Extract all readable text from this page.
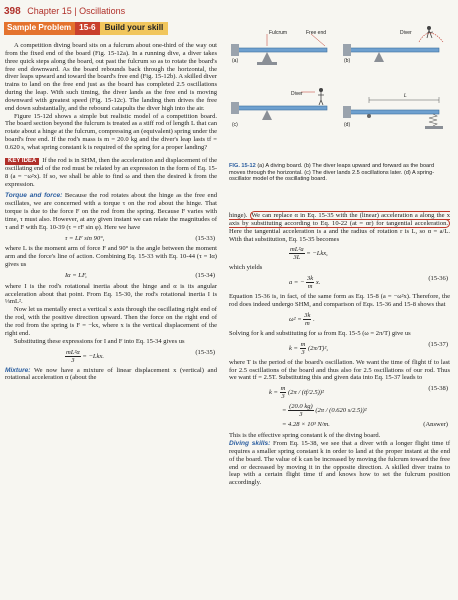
398 Chapter 15 | Oscillations
Sample Problem 15-6	Build your skill

A competition diving board sits on a fulcrum about one-third of the way out from the fixed end of the board (Fig. 15-12a). In a running dive, a diver takes three quick steps along the board, out past the fulcrum so as to rotate the board's free end downward. As the board rebounds back through the horizontal, the diver leaps upward and toward the board's free end (Fig. 15-12b). A skilled diver trains to land on the free end just as the board has completed 2.5 oscillations during the leap. With such timing, the diver lands as the free end is moving downward with greatest speed (Fig. 15-12c). The landing then drives the free end down substantially, and the rebound catapults the diver high into the air.

Figure 15-12d shows a simple but realistic model of a competition board. The board section beyond the fulcrum is treated as a stiff rod of length L that can rotate about a hinge at the fulcrum, compressing an (equivalent) spring under the board's free end. If the rod's mass is m = 20.0 kg and the diver's leap lasts tf = 0.620 s, what spring constant k is required of the spring for a proper landing?

KEY IDEA If the rod is in SHM, then the acceleration and displacement of the oscillating end of the rod must be related by an expression in the form of Eq. 15-8 (a = −ω²x). If so, we shall be able to find ω and then the desired k from the expression.

Torque and force: Because the rod rotates about the hinge as the free end oscillates, we are concerned with a torque τ on the rod about the hinge. That torque is due to the force F on the rod from the spring. Because F varies with time, τ must also. However, at any given instant we can relate the magnitudes of τ and F with Eq. 10-39 (τ = rF sin φ). Here we have

τ = LF sin 90°,	(15-33)

where L is the moment arm of force F and 90° is the angle between the moment arm and the force's line of action. Combining Eq. 15-33 with Eq. 10-44 (τ = Iα) gives us

Iα = LF,	(15-34)

where I is the rod's rotational inertia about the hinge and α is its angular acceleration about that point. From Eq. 15-30, the rod's rotational inertia I is ⅓mL².

Now let us mentally erect a vertical x axis through the oscillating right end of the rod, with the positive direction upward. Then the force on the right end of the rod from the spring is F = −kx, where x is the vertical displacement of the right end.

Substituting these expressions for I and F into Eq. 15-34 gives us

$\frac{\text{mL²α}}{3} = -Lkx$.
(15-35)

Mixture: We now have a mixture of linear displacement x (vertical) and rotational acceleration α (about the

Fulcrum	Free end	Diver
Diver
(a)	(b)
(c)	(d)
L
FIG. 15-12 (a) A diving board. (b) The diver leaps upward and forward as the board moves through the horizontal. (c) The diver lands 2.5 oscillations later. (d) A spring-oscillator model of the oscillating board.

hinge). We can replace α in Eq. 15-35 with the (linear) acceleration a along the x axis by substituting according to Eq. 10-22 (at = αr) for tangential acceleration. Here the tangential acceleration is a and the radius of rotation r is L, so α = a/L. With that substitution, Eq. 15-35 becomes

$\frac{\text{mL²a}}{3L} = -Lkx$,

which yields

a = − $\frac{3k}{m} x$.
(15-36)

Equation 15-36 is, in fact, of the same form as Eq. 15-8 (a = −ω²x). Therefore, the rod does indeed undergo SHM, and comparison of Eqs. 15-36 and 15-8 shows that

$\omega^2 = \frac{3k}{m}$ .

Solving for k and substituting for ω from Eq. 15-5 (ω = 2π/T) give us

$k = \frac{m}{3} (2\pi/T)^2$,
(15-37)

where T is the period of the board's oscillation. We want the time of flight tf to last for 2.5 oscillations of the board and thus also for 2.5 oscillations of our rod. Thus we want tf = 2.5T. Substituting this and given data into Eq. 15-37 leads to

$k = \frac{m}{3} (2\pi / (tf/2.5))^2$
(15-38)
= $\frac{(20.0 kg)}{3} (2\pi / (0.620$ s/2.5))²
= 4.28 × 10³ N/m.	(Answer)

This is the effective spring constant k of the diving board.

Diving skills: From Eq. 15-38, we see that a diver with a longer flight time tf requires a smaller spring constant k in order to land at the proper instant at the end of the board. The value of k can be increased by moving the fulcrum toward the free end or decreased by moving it in the opposite direction. A skilled diver trains to leap with a certain flight time tf and knows how to set the fulcrum position accordingly.
